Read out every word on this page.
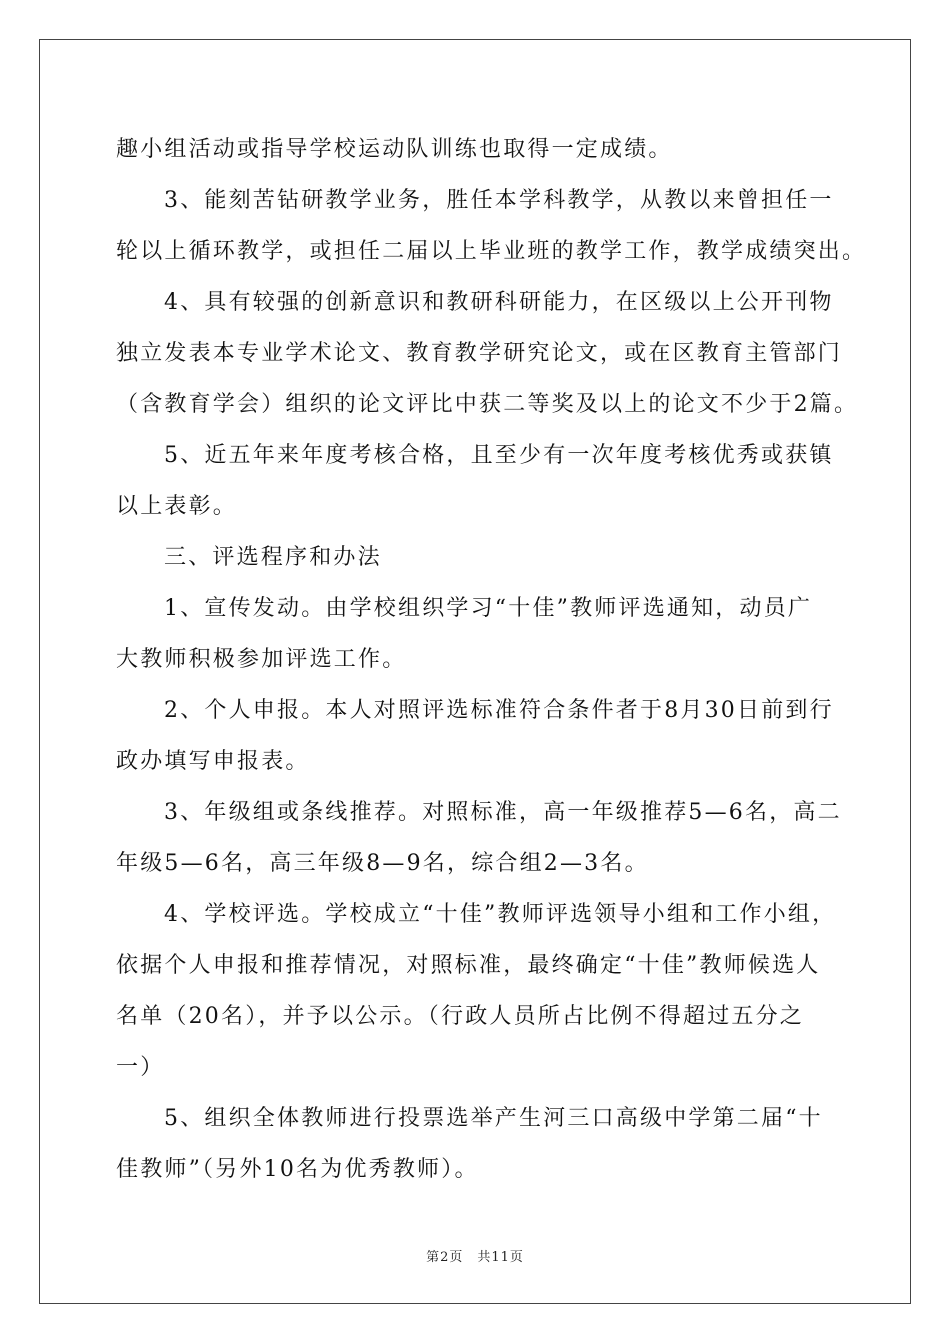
趣小组活动或指导学校运动队训练也取得一定成绩。

3、能刻苦钻研教学业务，胜任本学科教学，从教以来曾担任一

轮以上循环教学，或担任二届以上毕业班的教学工作，教学成绩突出。

4、具有较强的创新意识和教研科研能力，在区级以上公开刊物

独立发表本专业学术论文、教育教学研究论文，或在区教育主管部门

（含教育学会）组织的论文评比中获二等奖及以上的论文不少于2篇。

5、近五年来年度考核合格，且至少有一次年度考核优秀或获镇

以上表彰。

三、评选程序和办法

1、宣传发动。由学校组织学习“十佳”教师评选通知，动员广

大教师积极参加评选工作。

2、个人申报。本人对照评选标准符合条件者于8月30日前到行

政办填写申报表。

3、年级组或条线推荐。对照标准，高一年级推荐5—6名，高二

年级5—6名，高三年级8—9名，综合组2—3名。

4、学校评选。学校成立“十佳”教师评选领导小组和工作小组，

依据个人申报和推荐情况，对照标准，最终确定“十佳”教师候选人

名单（20名），并予以公示。（行政人员所占比例不得超过五分之

一）

5、组织全体教师进行投票选举产生河三口高级中学第二届“十

佳教师”（另外10名为优秀教师）。

第2页 共11页
